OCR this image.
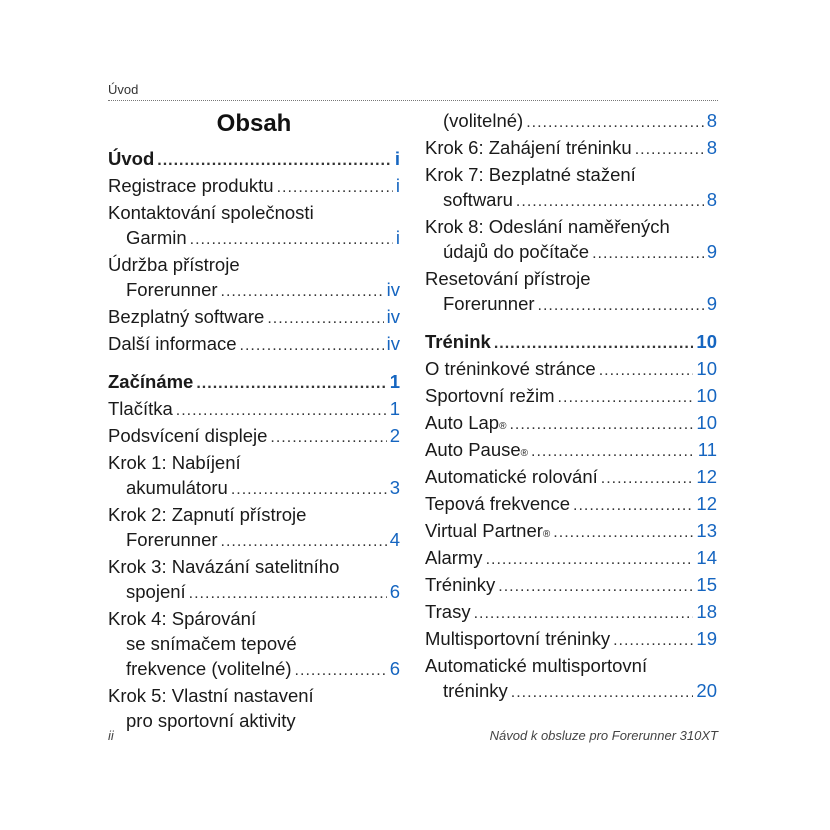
Úvod
Obsah
Úvod .....	i
Registrace produktu .....	i
Kontaktování společnosti
Garmin .....	i
Údržba přístroje
Forerunner .....	iv
Bezplatný software .....	iv
Další informace .....	iv
Začínáme .....	1
Tlačítka .....	1
Podsvícení displeje .....	2
Krok 1: Nabíjení
akumulátoru .....	3
Krok 2: Zapnutí přístroje
Forerunner .....	4
Krok 3: Navázání satelitního
spojení .....	6
Krok 4: Spárování
se snímačem tepové
frekvence (volitelné) .....	6
Krok 5: Vlastní nastavení
pro sportovní aktivity
(volitelné) .....	8
Krok 6: Zahájení tréninku .....	8
Krok 7: Bezplatné stažení
softwaru .....	8
Krok 8: Odeslání naměřených
údajů do počítače .....	9
Resetování přístroje
Forerunner .....	9
Trénink .....	10
O tréninkové stránce .....	10
Sportovní režim .....	10
Auto Lap ® .....	10
Auto Pause ® .....	11
Automatické rolování .....	12
Tepová frekvence .....	12
Virtual Partner ® .....	13
Alarmy .....	14
Tréninky .....	15
Trasy .....	18
Multisportovní tréninky .....	19
Automatické multisportovní
tréninky .....	20
ii	Návod k obsluze pro Forerunner 310XT
